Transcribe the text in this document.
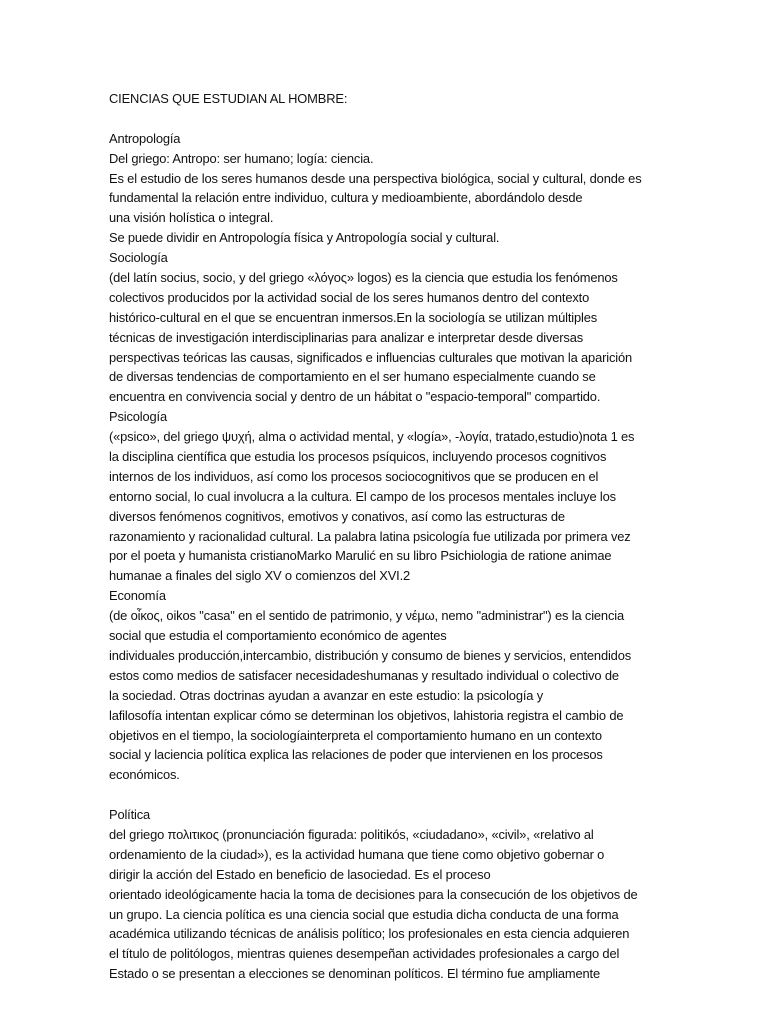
CIENCIAS QUE ESTUDIAN AL HOMBRE:
Antropología
Del griego: Antropo: ser humano; logía: ciencia.
Es el estudio de los seres humanos desde una perspectiva biológica, social y cultural, donde es
fundamental la relación entre individuo, cultura y medioambiente, abordándolo desde
una visión holística o integral.
Se puede dividir en Antropología física y Antropología social y cultural.
Sociología
(del latín socius, socio, y del griego «λόγος» logos) es la ciencia que estudia los fenómenos
colectivos producidos por la actividad social de los seres humanos dentro del contexto
histórico-cultural en el que se encuentran inmersos.En la sociología se utilizan múltiples
técnicas de investigación interdisciplinarias para analizar e interpretar desde diversas
perspectivas teóricas las causas, significados e influencias culturales que motivan la aparición
de diversas tendencias de comportamiento en el ser humano especialmente cuando se
encuentra en convivencia social y dentro de un hábitat o "espacio-temporal" compartido.
Psicología
(«psico», del griego ψυχή, alma o actividad mental, y «logía», -λογία, tratado,estudio)nota 1 es
la disciplina científica que estudia los procesos psíquicos, incluyendo procesos cognitivos
internos de los individuos, así como los procesos sociocognitivos que se producen en el
entorno social, lo cual involucra a la cultura. El campo de los procesos mentales incluye los
diversos fenómenos cognitivos, emotivos y conativos, así como las estructuras de
razonamiento y racionalidad cultural. La palabra latina psicología fue utilizada por primera vez
por el poeta y humanista cristianoMarko Marulić en su libro Psichiologia de ratione animae
humanae a finales del siglo XV o comienzos del XVI.2
Economía
(de οἶκος, oikos "casa" en el sentido de patrimonio, y νέμω, nemo "administrar") es la ciencia
social que estudia el comportamiento económico de agentes
individuales producción,intercambio, distribución y consumo de bienes y servicios, entendidos
estos como medios de satisfacer necesidadeshumanas y resultado individual o colectivo de
la sociedad. Otras doctrinas ayudan a avanzar en este estudio: la psicología y
lafilosofía intentan explicar cómo se determinan los objetivos, lahistoria registra el cambio de
objetivos en el tiempo, la sociologíainterpreta el comportamiento humano en un contexto
social y laciencia política explica las relaciones de poder que intervienen en los procesos
económicos.
Política
del griego πολιτικος (pronunciación figurada: politikós, «ciudadano», «civil», «relativo al
ordenamiento de la ciudad»), es la actividad humana que tiene como objetivo gobernar o
dirigir la acción del Estado en beneficio de lasociedad. Es el proceso
orientado ideológicamente hacia la toma de decisiones para la consecución de los objetivos de
un grupo. La ciencia política es una ciencia social que estudia dicha conducta de una forma
académica utilizando técnicas de análisis político; los profesionales en esta ciencia adquieren
el título de politólogos, mientras quienes desempeñan actividades profesionales a cargo del
Estado o se presentan a elecciones se denominan políticos. El término fue ampliamente
